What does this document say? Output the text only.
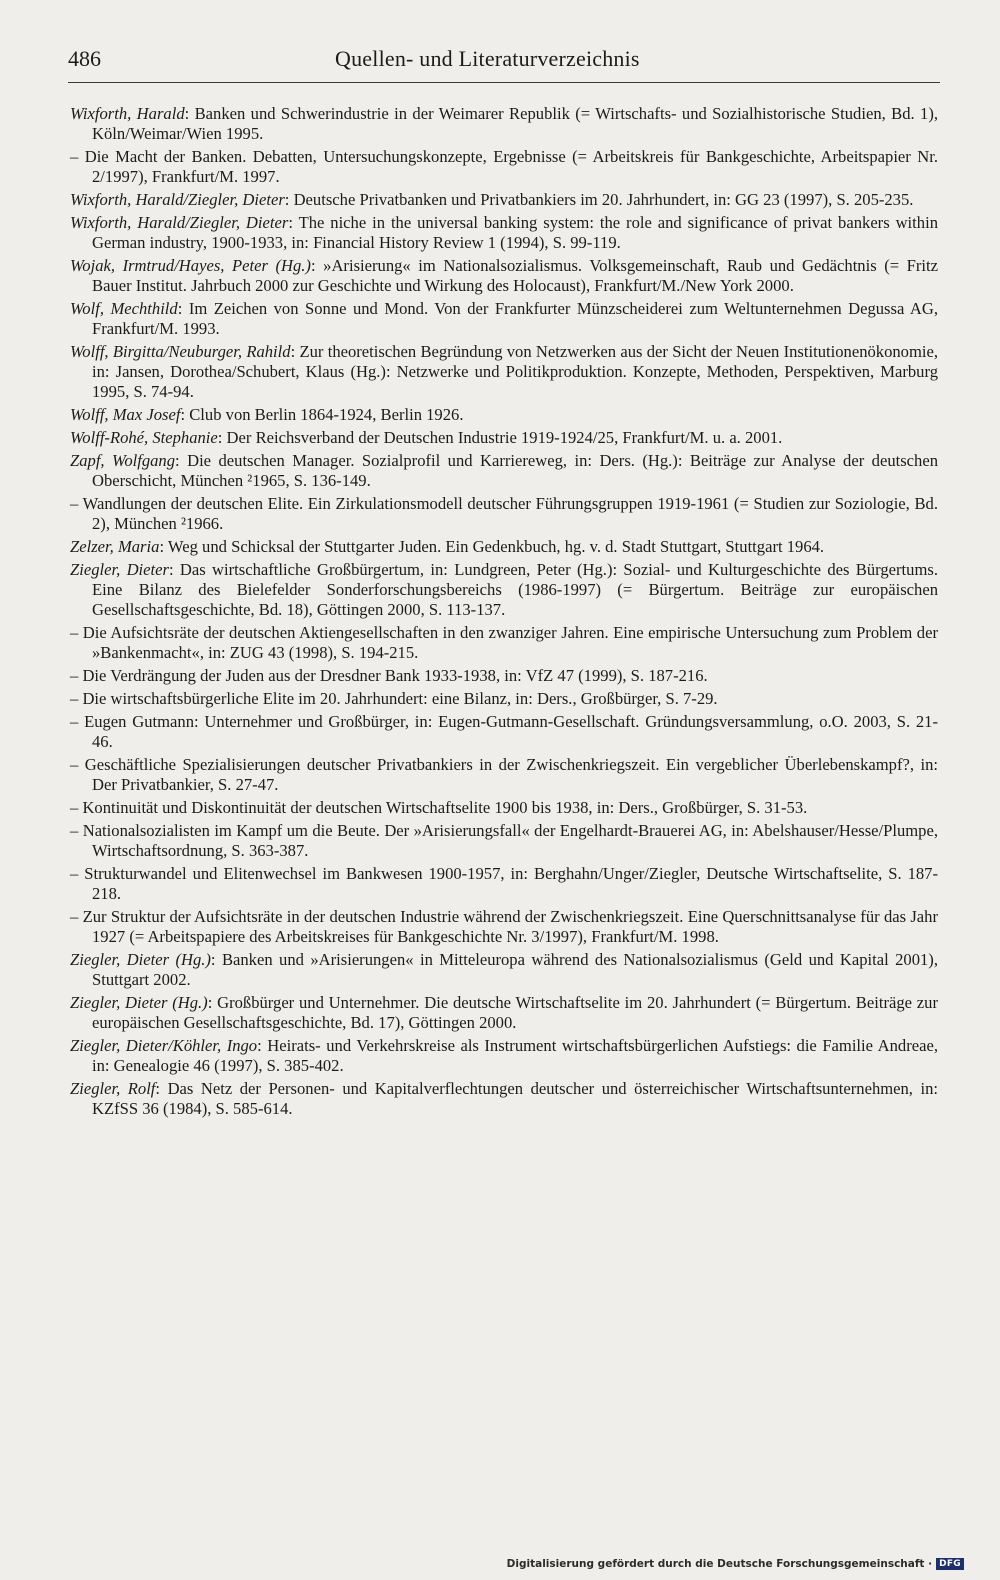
486	Quellen- und Literaturverzeichnis

Wixforth, Harald: Banken und Schwerindustrie in der Weimarer Republik (= Wirtschafts- und Sozialhistorische Studien, Bd. 1), Köln/Weimar/Wien 1995.

– Die Macht der Banken. Debatten, Untersuchungskonzepte, Ergebnisse (= Arbeitskreis für Bankgeschichte, Arbeitspapier Nr. 2/1997), Frankfurt/M. 1997.

Wixforth, Harald/Ziegler, Dieter: Deutsche Privatbanken und Privatbankiers im 20. Jahrhundert, in: GG 23 (1997), S. 205-235.

Wixforth, Harald/Ziegler, Dieter: The niche in the universal banking system: the role and significance of privat bankers within German industry, 1900-1933, in: Financial History Review 1 (1994), S. 99-119.

Wojak, Irmtrud/Hayes, Peter (Hg.): »Arisierung« im Nationalsozialismus. Volksgemeinschaft, Raub und Gedächtnis (= Fritz Bauer Institut. Jahrbuch 2000 zur Geschichte und Wirkung des Holocaust), Frankfurt/M./New York 2000.

Wolf, Mechthild: Im Zeichen von Sonne und Mond. Von der Frankfurter Münzscheiderei zum Weltunternehmen Degussa AG, Frankfurt/M. 1993.

Wolff, Birgitta/Neuburger, Rahild: Zur theoretischen Begründung von Netzwerken aus der Sicht der Neuen Institutionenökonomie, in: Jansen, Dorothea/Schubert, Klaus (Hg.): Netzwerke und Politikproduktion. Konzepte, Methoden, Perspektiven, Marburg 1995, S. 74-94.

Wolff, Max Josef: Club von Berlin 1864-1924, Berlin 1926.

Wolff-Rohé, Stephanie: Der Reichsverband der Deutschen Industrie 1919-1924/25, Frankfurt/M. u. a. 2001.

Zapf, Wolfgang: Die deutschen Manager. Sozialprofil und Karriereweg, in: Ders. (Hg.): Beiträge zur Analyse der deutschen Oberschicht, München ²1965, S. 136-149.

– Wandlungen der deutschen Elite. Ein Zirkulationsmodell deutscher Führungsgruppen 1919-1961 (= Studien zur Soziologie, Bd. 2), München ²1966.

Zelzer, Maria: Weg und Schicksal der Stuttgarter Juden. Ein Gedenkbuch, hg. v. d. Stadt Stuttgart, Stuttgart 1964.

Ziegler, Dieter: Das wirtschaftliche Großbürgertum, in: Lundgreen, Peter (Hg.): Sozial- und Kulturgeschichte des Bürgertums. Eine Bilanz des Bielefelder Sonderforschungsbereichs (1986-1997) (= Bürgertum. Beiträge zur europäischen Gesellschaftsgeschichte, Bd. 18), Göttingen 2000, S. 113-137.

– Die Aufsichtsräte der deutschen Aktiengesellschaften in den zwanziger Jahren. Eine empirische Untersuchung zum Problem der »Bankenmacht«, in: ZUG 43 (1998), S. 194-215.

– Die Verdrängung der Juden aus der Dresdner Bank 1933-1938, in: VfZ 47 (1999), S. 187-216.

– Die wirtschaftsbürgerliche Elite im 20. Jahrhundert: eine Bilanz, in: Ders., Großbürger, S. 7-29.

– Eugen Gutmann: Unternehmer und Großbürger, in: Eugen-Gutmann-Gesellschaft. Gründungsversammlung, o.O. 2003, S. 21-46.

– Geschäftliche Spezialisierungen deutscher Privatbankiers in der Zwischenkriegszeit. Ein vergeblicher Überlebenskampf?, in: Der Privatbankier, S. 27-47.

– Kontinuität und Diskontinuität der deutschen Wirtschaftselite 1900 bis 1938, in: Ders., Großbürger, S. 31-53.

– Nationalsozialisten im Kampf um die Beute. Der »Arisierungsfall« der Engelhardt-Brauerei AG, in: Abelshauser/Hesse/Plumpe, Wirtschaftsordnung, S. 363-387.

– Strukturwandel und Elitenwechsel im Bankwesen 1900-1957, in: Berghahn/Unger/Ziegler, Deutsche Wirtschaftselite, S. 187-218.

– Zur Struktur der Aufsichtsräte in der deutschen Industrie während der Zwischenkriegszeit. Eine Querschnittsanalyse für das Jahr 1927 (= Arbeitspapiere des Arbeitskreises für Bankgeschichte Nr. 3/1997), Frankfurt/M. 1998.

Ziegler, Dieter (Hg.): Banken und »Arisierungen« in Mitteleuropa während des Nationalsozialismus (Geld und Kapital 2001), Stuttgart 2002.

Ziegler, Dieter (Hg.): Großbürger und Unternehmer. Die deutsche Wirtschaftselite im 20. Jahrhundert (= Bürgertum. Beiträge zur europäischen Gesellschaftsgeschichte, Bd. 17), Göttingen 2000.

Ziegler, Dieter/Köhler, Ingo: Heirats- und Verkehrskreise als Instrument wirtschaftsbürgerlichen Aufstiegs: die Familie Andreae, in: Genealogie 46 (1997), S. 385-402.

Ziegler, Rolf: Das Netz der Personen- und Kapitalverflechtungen deutscher und österreichischer Wirtschaftsunternehmen, in: KZfSS 36 (1984), S. 585-614.

Digitalisierung gefördert durch die Deutsche Forschungsgemeinschaft · DFG
